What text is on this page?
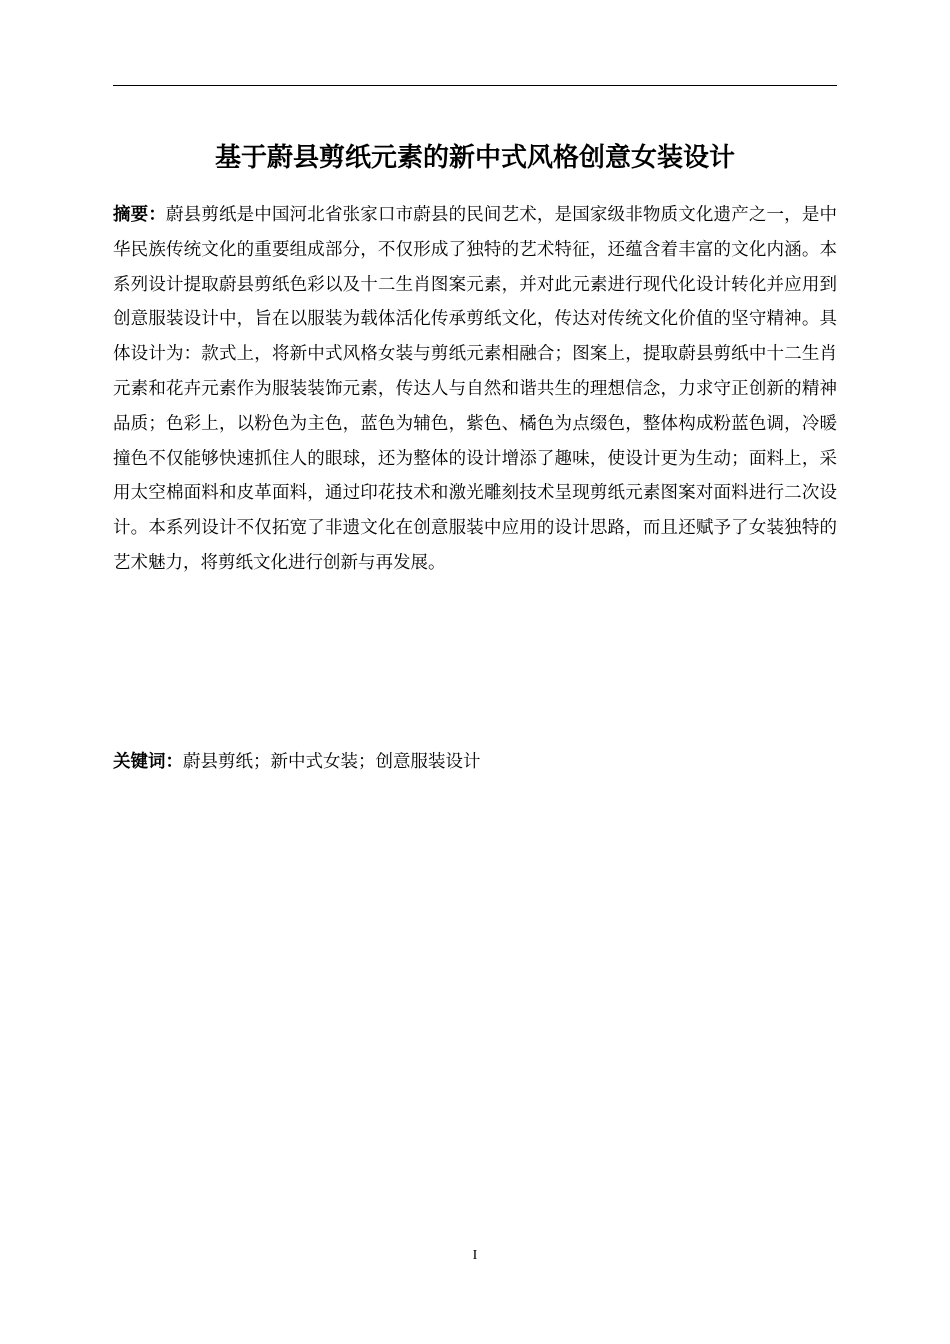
基于蔚县剪纸元素的新中式风格创意女装设计

摘要：蔚县剪纸是中国河北省张家口市蔚县的民间艺术，是国家级非物质文化遗产之一，是中华民族传统文化的重要组成部分，不仅形成了独特的艺术特征，还蕴含着丰富的文化内涵。本系列设计提取蔚县剪纸色彩以及十二生肖图案元素，并对此元素进行现代化设计转化并应用到创意服装设计中，旨在以服装为载体活化传承剪纸文化，传达对传统文化价值的坚守精神。具体设计为：款式上，将新中式风格女装与剪纸元素相融合；图案上，提取蔚县剪纸中十二生肖元素和花卉元素作为服装装饰元素，传达人与自然和谐共生的理想信念，力求守正创新的精神品质；色彩上，以粉色为主色，蓝色为辅色，紫色、橘色为点缀色，整体构成粉蓝色调，冷暖撞色不仅能够快速抓住人的眼球，还为整体的设计增添了趣味，使设计更为生动；面料上，采用太空棉面料和皮革面料，通过印花技术和激光雕刻技术呈现剪纸元素图案对面料进行二次设计。本系列设计不仅拓宽了非遗文化在创意服装中应用的设计思路，而且还赋予了女装独特的艺术魅力，将剪纸文化进行创新与再发展。

关键词：蔚县剪纸；新中式女装；创意服装设计

I
